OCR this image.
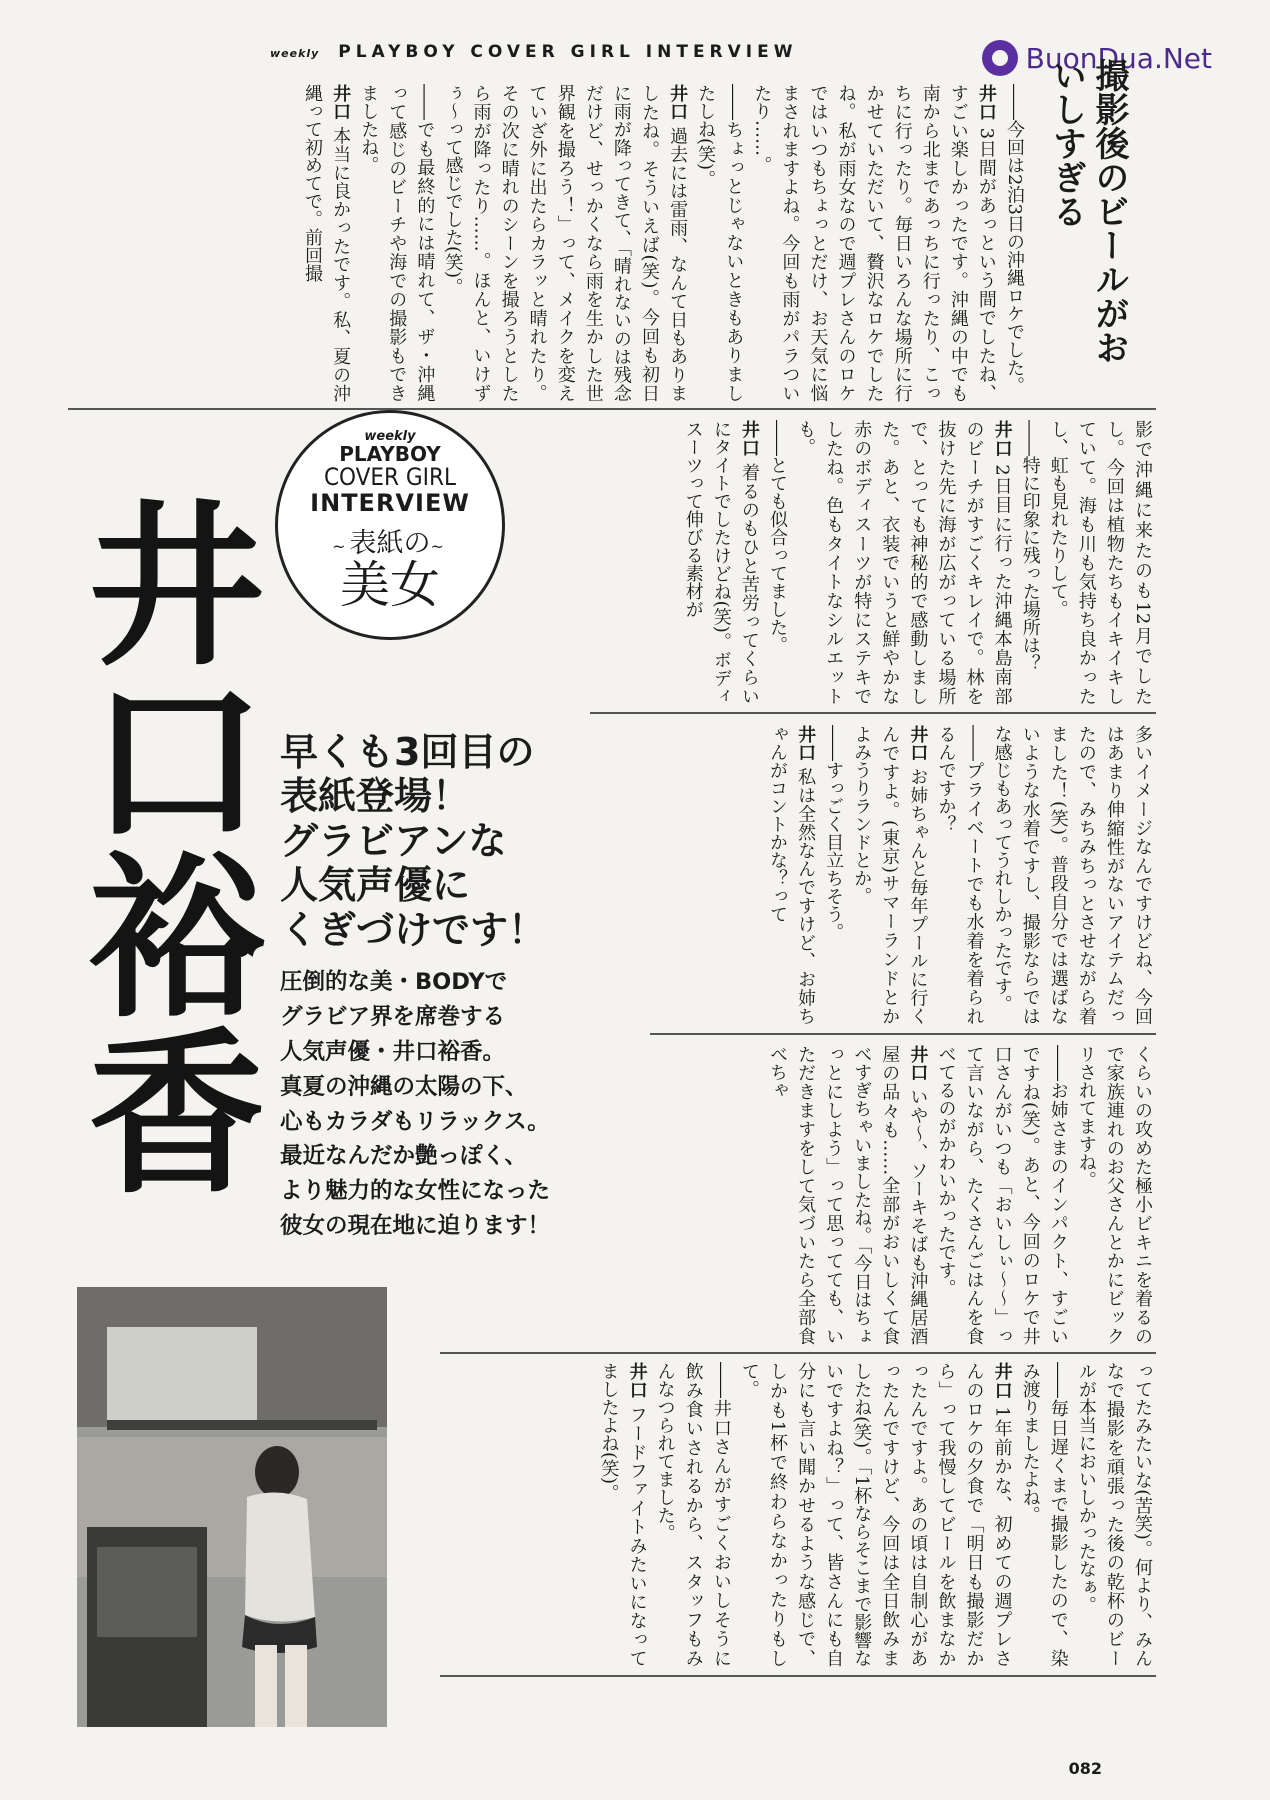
weekly PLAYBOY COVER GIRL INTERVIEW	BuonDua.Net
撮影後のビールがおいしすぎる

――今回は2泊3日の沖縄ロケでした。

井口3日間があっという間でしたね、すごい楽しかったです。沖縄の中でも南から北まであっちに行ったり、こっちに行ったり。毎日いろんな場所に行かせていただいて、贅沢なロケでしたね。私が雨女なので週プレさんのロケではいつもちょっとだけ、お天気に悩まされますよね。今回も雨がパラついたり……。

――ちょっとじゃないときもありましたしね(笑)。

井口過去には雷雨、なんて日もありましたね。そういえば(笑)。今回も初日に雨が降ってきて、「晴れないのは残念だけど、せっかくなら雨を生かした世界観を撮ろう！」って、メイクを変えていざ外に出たらカラッと晴れたり。その次に晴れのシーンを撮ろうとしたら雨が降ったり……。ほんと、いけずぅ～って感じでした(笑)。

――でも最終的には晴れて、ザ・沖縄って感じのビーチや海での撮影もできましたね。

井口本当に良かったです。私、夏の沖縄って初めてで。前回撮

影で沖縄に来たのも12月でしたし。今回は植物たちもイキイキしていて。海も川も気持ち良かったし、虹も見れたりして。

――特に印象に残った場所は？

井口2日目に行った沖縄本島南部のビーチがすごくキレイで。林を抜けた先に海が広がっている場所で、とっても神秘的で感動しました。あと、衣装でいうと鮮やかな赤のボディスーツが特にステキでしたね。色もタイトなシルエットも。

――とても似合ってました。

井口着るのもひと苦労ってくらいにタイトでしたけどね(笑)。ボディスーツって伸びる素材が

多いイメージなんですけどね、今回はあまり伸縮性がないアイテムだったので、みちみちっとさせながら着ました！(笑)。普段自分では選ばないような水着ですし、撮影ならではな感じもあってうれしかったです。

――プライベートでも水着を着られるんですか？

井口お姉ちゃんと毎年プールに行くんですよ。(東京)サマーランドとかよみうりランドとか。

――すっごく目立ちそう。

井口私は全然なんですけど、お姉ちゃんがコントかな？って

くらいの攻めた極小ビキニを着るので家族連れのお父さんとかにビックリされてますね。

――お姉さまのインパクト、すごいですね(笑)。あと、今回のロケで井口さんがいつも「おいしぃ～～」って言いながら、たくさんごはんを食べてるのがかわいかったです。

井口いや～、ソーキそばも沖縄居酒屋の品々も……全部がおいしくて食べすぎちゃいましたね。「今日はちょっとにしよう」って思ってても、いただきますをして気づいたら全部食べちゃ

ってたみたいな(苦笑)。何より、みんなで撮影を頑張った後の乾杯のビールが本当においしかったなぁ。

――毎日遅くまで撮影したので、染み渡りましたよね。

井口1年前かな、初めての週プレさんのロケの夕食で「明日も撮影だから」って我慢してビールを飲まなかったんですよ。あの頃は自制心があったんですけど、今回は全日飲みましたね(笑)。「1杯ならそこまで影響ないですよね？」って、皆さんにも自分にも言い聞かせるような感じで、しかも1杯で終わらなかったりもして。

――井口さんがすごくおいしそうに飲み食いされるから、スタッフもみんなつられてました。

井口フードファイトみたいになってましたよね(笑)。

井口裕香
weekly
PLAYBOY
COVER GIRL
INTERVIEW
~表紙の~
美女
早くも3回目の
表紙登場！
グラビアンな
人気声優に
くぎづけです！
圧倒的な美・BODYで
グラビア界を席巻する
人気声優・井口裕香。
真夏の沖縄の太陽の下、
心もカラダもリラックス。
最近なんだか艶っぽく、
より魅力的な女性になった
彼女の現在地に迫ります！
082
